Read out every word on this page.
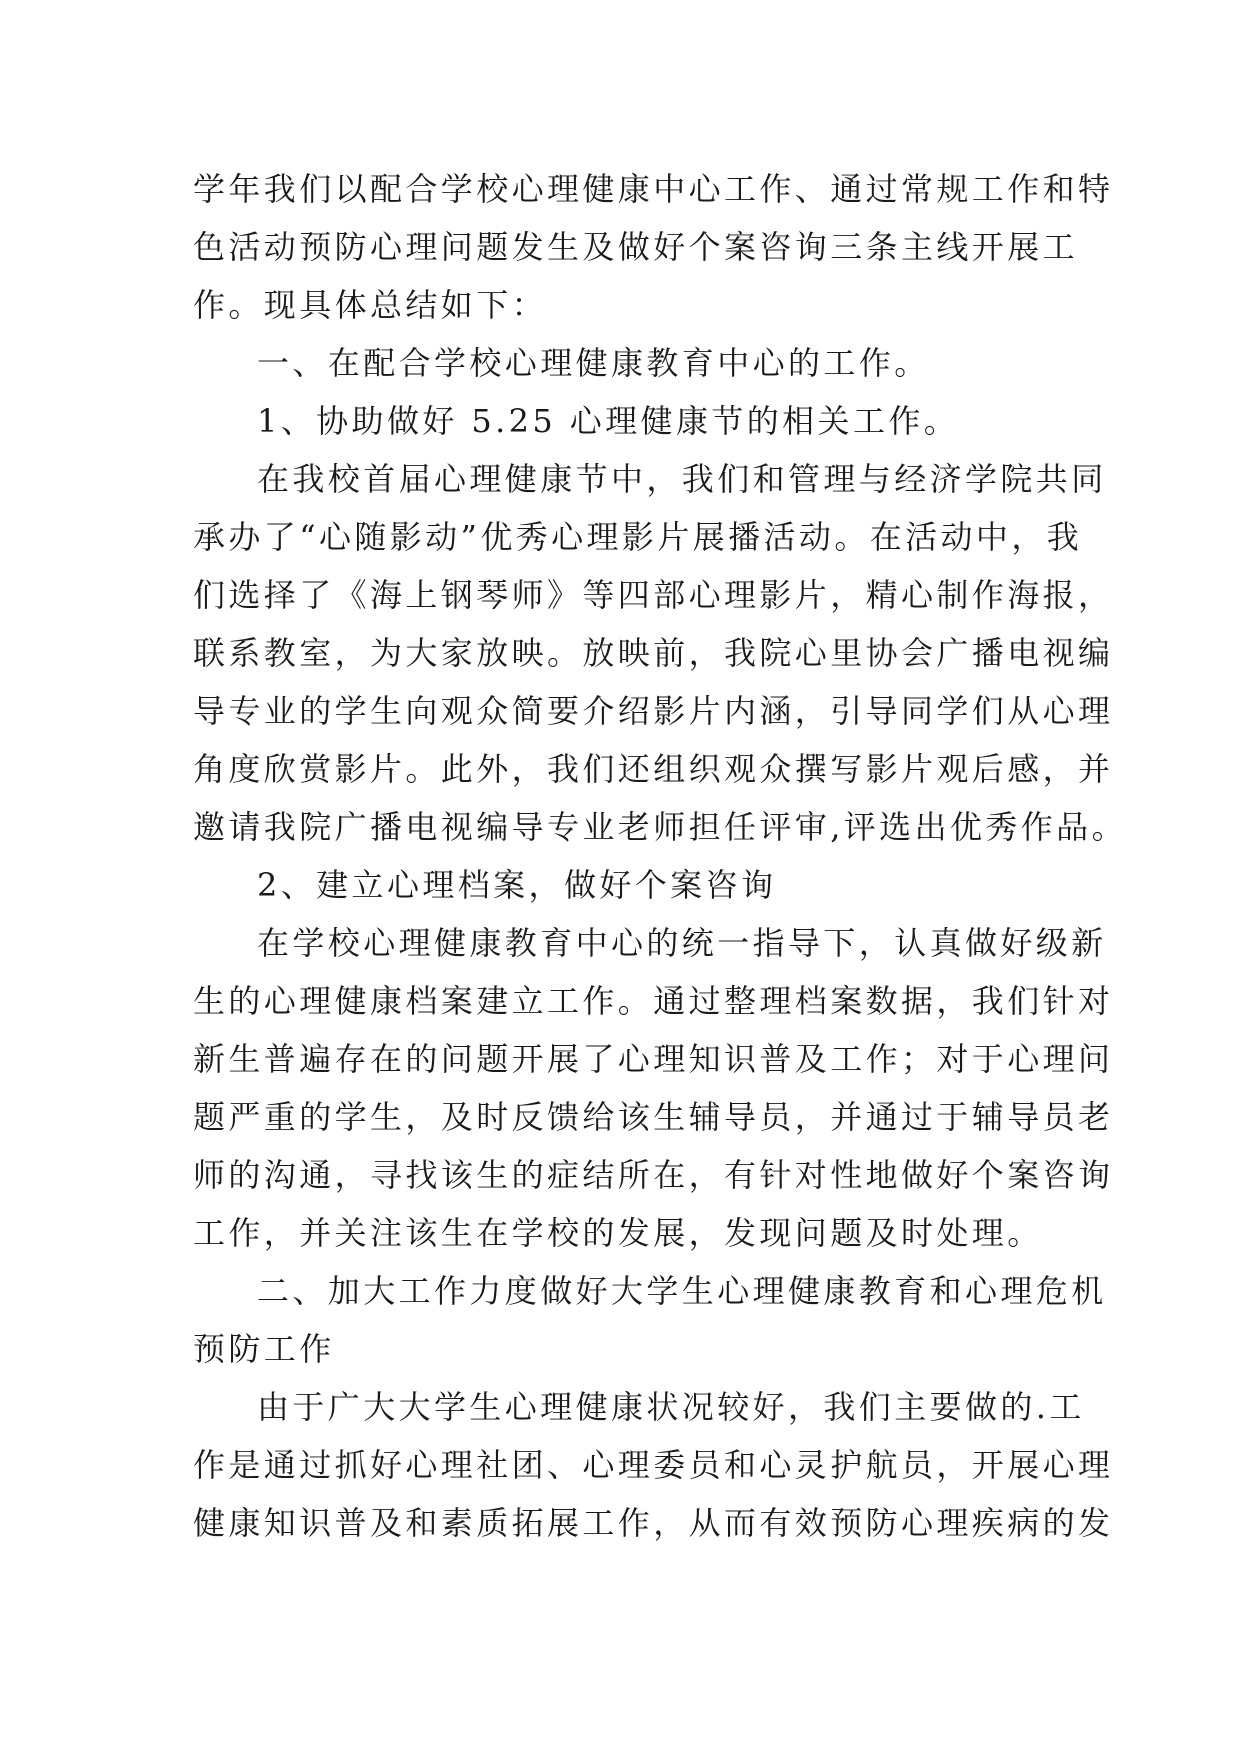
学年我们以配合学校心理健康中心工作、通过常规工作和特
色活动预防心理问题发生及做好个案咨询三条主线开展工
作。现具体总结如下：
一、在配合学校心理健康教育中心的工作。
1、协助做好 5.25 心理健康节的相关工作。
在我校首届心理健康节中，我们和管理与经济学院共同
承办了“心随影动”优秀心理影片展播活动。在活动中，我
们选择了《海上钢琴师》等四部心理影片，精心制作海报，
联系教室，为大家放映。放映前，我院心里协会广播电视编
导专业的学生向观众简要介绍影片内涵，引导同学们从心理
角度欣赏影片。此外，我们还组织观众撰写影片观后感，并
邀请我院广播电视编导专业老师担任评审,评选出优秀作品。
2、建立心理档案，做好个案咨询
在学校心理健康教育中心的统一指导下，认真做好级新
生的心理健康档案建立工作。通过整理档案数据，我们针对
新生普遍存在的问题开展了心理知识普及工作；对于心理问
题严重的学生，及时反馈给该生辅导员，并通过于辅导员老
师的沟通，寻找该生的症结所在，有针对性地做好个案咨询
工作，并关注该生在学校的发展，发现问题及时处理。
二、加大工作力度做好大学生心理健康教育和心理危机
预防工作
由于广大大学生心理健康状况较好，我们主要做的.工
作是通过抓好心理社团、心理委员和心灵护航员，开展心理
健康知识普及和素质拓展工作，从而有效预防心理疾病的发
